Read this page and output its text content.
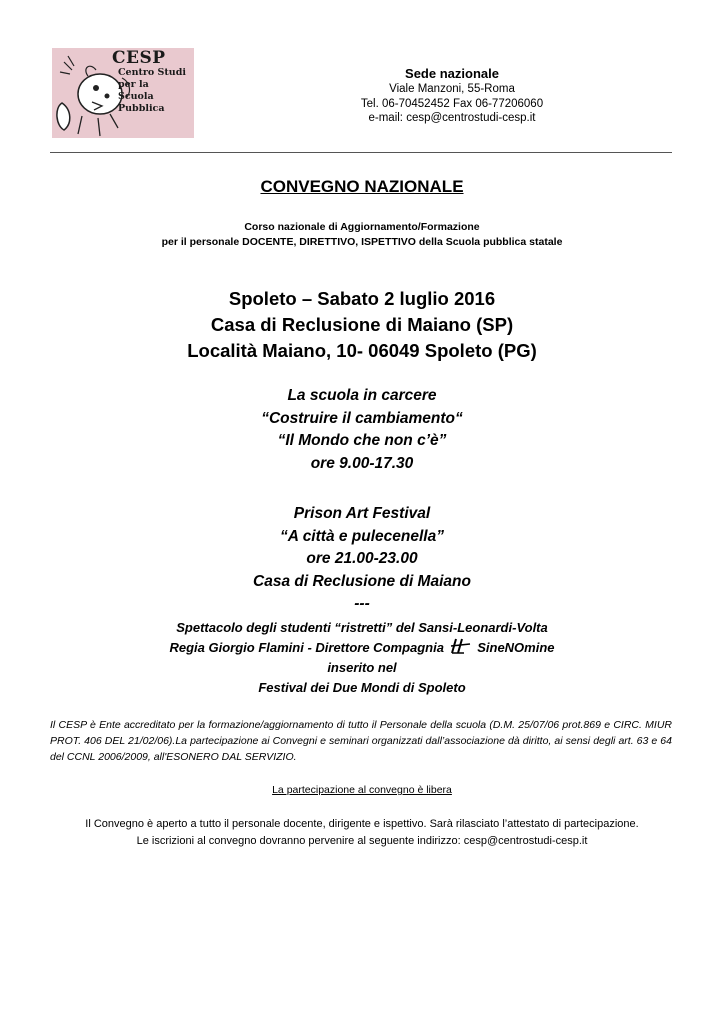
CESP
Centro Studi
per la
Scuola
Pubblica
Sede nazionale
Viale Manzoni, 55-Roma
Tel. 06-70452452 Fax 06-77206060
e-mail: cesp@centrostudi-cesp.it
CONVEGNO NAZIONALE
Corso nazionale di Aggiornamento/Formazione
per il personale DOCENTE, DIRETTIVO, ISPETTIVO della Scuola pubblica statale
Spoleto – Sabato 2 luglio 2016
Casa di Reclusione di Maiano (SP)
Località Maiano, 10- 06049 Spoleto (PG)
La scuola in carcere
“Costruire il cambiamento“
“Il Mondo che non c’è”
ore 9.00-17.30
Prison Art Festival
“A città e pulecenella”
ore 21.00-23.00
Casa di Reclusione di Maiano
---
Spettacolo degli studenti “ristretti” del Sansi-Leonardi-Volta
Regia Giorgio Flamini - Direttore Compagnia	SineNOmine
inserito nel
Festival dei Due Mondi di Spoleto
Il CESP è Ente accreditato per la formazione/aggiornamento di tutto il Personale della scuola (D.M. 25/07/06 prot.869 e CIRC. MIUR PROT. 406 DEL 21/02/06).La partecipazione ai Convegni e seminari organizzati dall’associazione dà diritto, ai sensi degli art. 63 e 64 del CCNL 2006/2009, all'ESONERO DAL SERVIZIO.
La partecipazione al convegno è libera
Il Convegno è aperto a tutto il personale docente, dirigente e ispettivo. Sarà rilasciato l’attestato di partecipazione.
Le iscrizioni al convegno dovranno pervenire al seguente indirizzo: cesp@centrostudi-cesp.it
